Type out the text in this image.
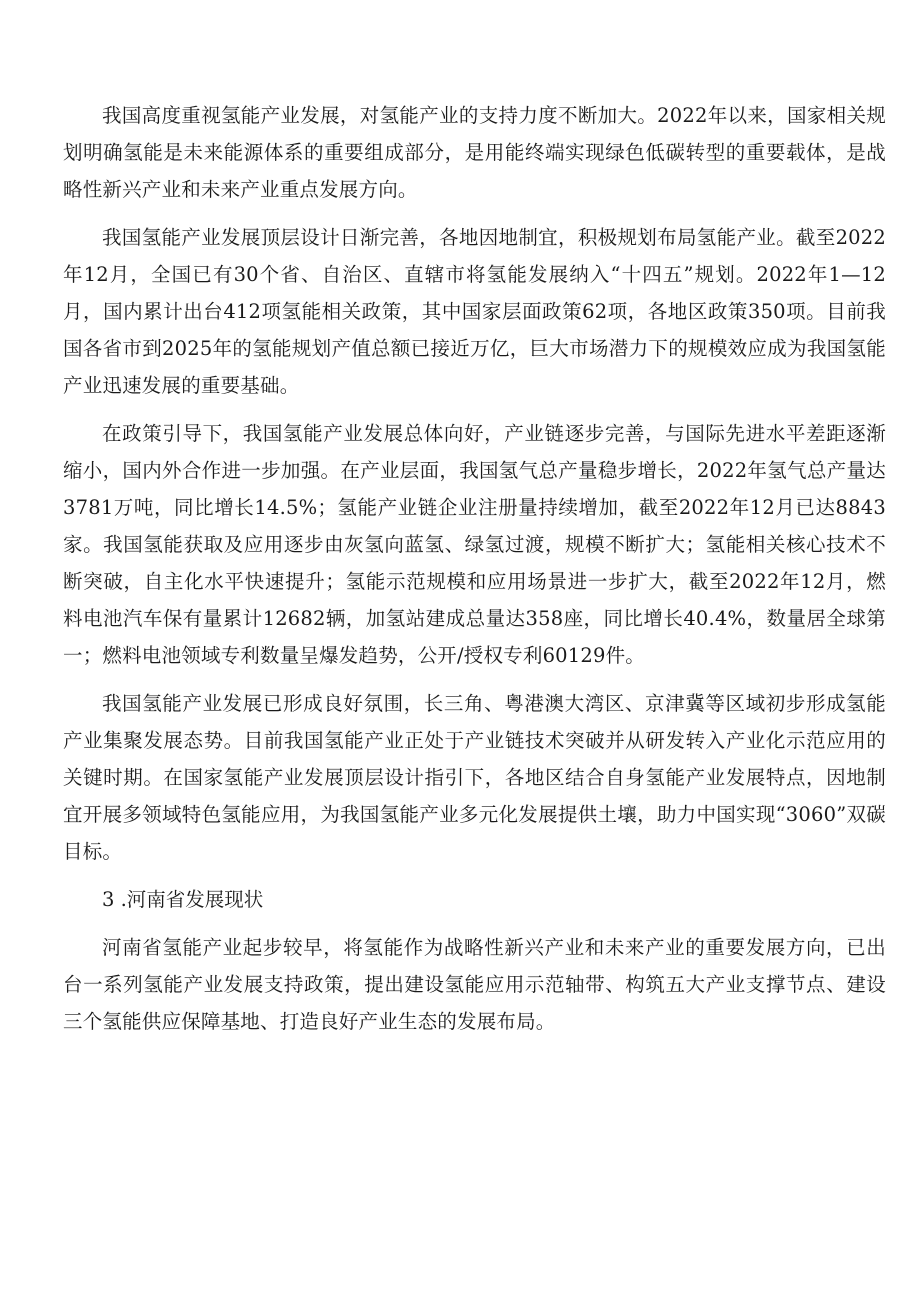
我国高度重视氢能产业发展，对氢能产业的支持力度不断加大。2022年以来，国家相关规划明确氢能是未来能源体系的重要组成部分，是用能终端实现绿色低碳转型的重要载体，是战略性新兴产业和未来产业重点发展方向。

我国氢能产业发展顶层设计日渐完善，各地因地制宜，积极规划布局氢能产业。截至2022年12月，全国已有30个省、自治区、直辖市将氢能发展纳入“十四五”规划。2022年1—12月，国内累计出台412项氢能相关政策，其中国家层面政策62项，各地区政策350项。目前我国各省市到2025年的氢能规划产值总额已接近万亿，巨大市场潜力下的规模效应成为我国氢能产业迅速发展的重要基础。

在政策引导下，我国氢能产业发展总体向好，产业链逐步完善，与国际先进水平差距逐渐缩小，国内外合作进一步加强。在产业层面，我国氢气总产量稳步增长，2022年氢气总产量达3781万吨，同比增长14.5%；氢能产业链企业注册量持续增加，截至2022年12月已达8843家。我国氢能获取及应用逐步由灰氢向蓝氢、绿氢过渡，规模不断扩大；氢能相关核心技术不断突破，自主化水平快速提升；氢能示范规模和应用场景进一步扩大，截至2022年12月，燃料电池汽车保有量累计12682辆，加氢站建成总量达358座，同比增长40.4%，数量居全球第一；燃料电池领域专利数量呈爆发趋势，公开/授权专利60129件。

我国氢能产业发展已形成良好氛围，长三角、粤港澳大湾区、京津冀等区域初步形成氢能产业集聚发展态势。目前我国氢能产业正处于产业链技术突破并从研发转入产业化示范应用的关键时期。在国家氢能产业发展顶层设计指引下，各地区结合自身氢能产业发展特点，因地制宜开展多领域特色氢能应用，为我国氢能产业多元化发展提供土壤，助力中国实现“3060”双碳目标。

3 .河南省发展现状

河南省氢能产业起步较早，将氢能作为战略性新兴产业和未来产业的重要发展方向，已出台一系列氢能产业发展支持政策，提出建设氢能应用示范轴带、构筑五大产业支撑节点、建设三个氢能供应保障基地、打造良好产业生态的发展布局。
